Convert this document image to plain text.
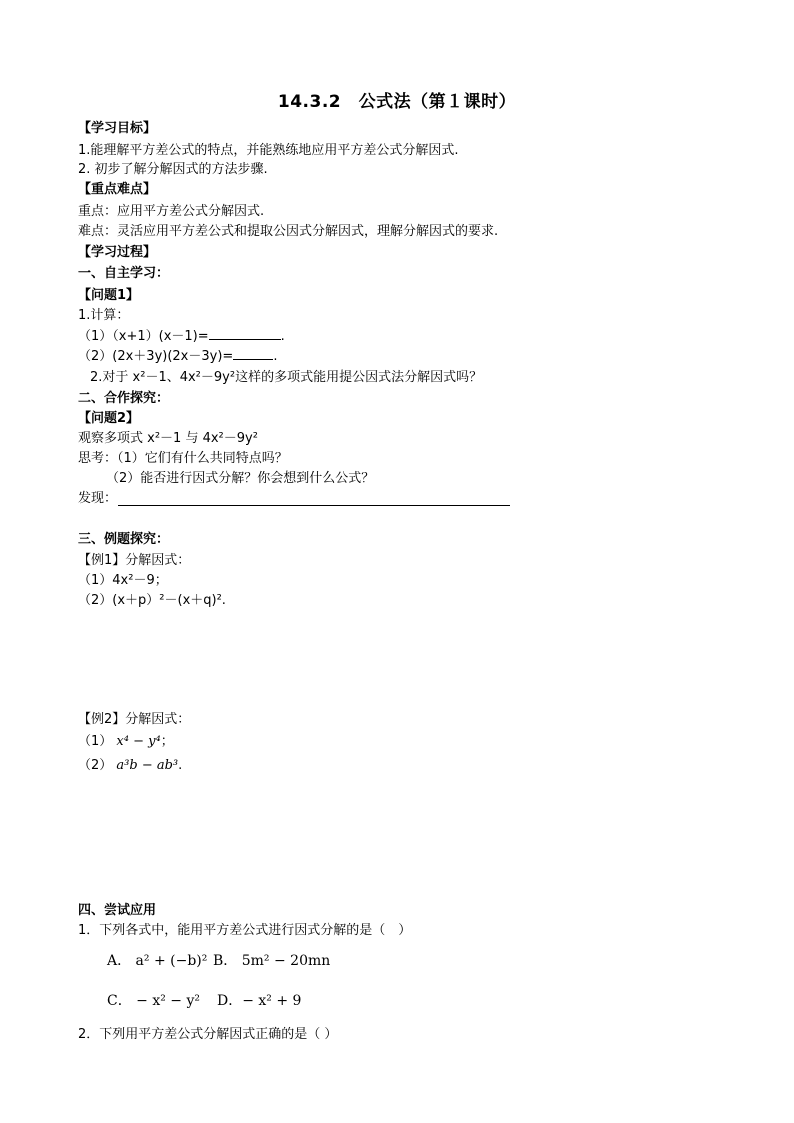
14.3.2　公式法（第１课时）

【学习目标】

1.能理解平方差公式的特点，并能熟练地应用平方差公式分解因式.

2. 初步了解分解因式的方法步骤.

【重点难点】

重点：应用平方差公式分解因式.

难点：灵活应用平方差公式和提取公因式分解因式，理解分解因式的要求.

【学习过程】

一、自主学习：

【问题1】

1.计算：

（1）（x+1）(x－1)=	.

（2）(2x＋3y)(2x－3y)=	.

2.对于 x²－1、4x²－9y²这样的多项式能用提公因式法分解因式吗？

二、合作探究：

【问题2】

观察多项式 x²－1 与 4x²－9y²

思考：（1）它们有什么共同特点吗？

（2）能否进行因式分解？你会想到什么公式？

发现：

三、例题探究：

【例1】分解因式：

（1）4x²－9；

（2）(x＋p）²－(x＋q)².

【例2】分解因式：

（1） x⁴ − y⁴；

（2） a³b − ab³.

四、尝试应用

1．下列各式中，能用平方差公式进行因式分解的是（　）

A． a² + (−b)² B． 5m² − 20mn

C． − x² − y² D．− x² + 9

2．下列用平方差公式分解因式正确的是（ ）
